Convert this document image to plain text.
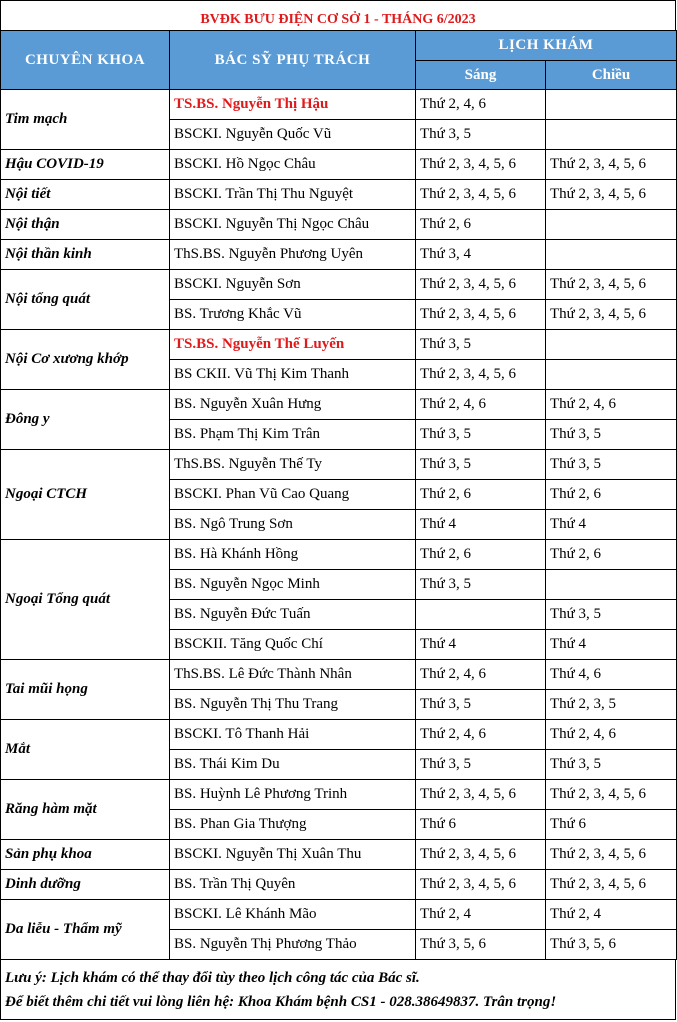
BVĐK BƯU ĐIỆN CƠ SỞ 1 - THÁNG 6/2023
CHUYÊN KHOA	BÁC SỸ PHỤ TRÁCH	LỊCH KHÁM	
		Sáng	Chiều
Tim mạch	TS.BS. Nguyễn Thị Hậu	Thứ 2, 4, 6	
	BSCKI. Nguyễn Quốc Vũ	Thứ 3, 5	
Hậu COVID-19	BSCKI. Hồ Ngọc Châu	Thứ 2, 3, 4, 5, 6	Thứ 2, 3, 4, 5, 6
Nội tiết	BSCKI. Trần Thị Thu Nguyệt	Thứ 2, 3, 4, 5, 6	Thứ 2, 3, 4, 5, 6
Nội thận	BSCKI. Nguyễn Thị Ngọc Châu	Thứ 2, 6	
Nội thần kinh	ThS.BS. Nguyễn Phương Uyên	Thứ 3, 4	
Nội tổng quát	BSCKI. Nguyễn Sơn	Thứ 2, 3, 4, 5, 6	Thứ 2, 3, 4, 5, 6
	BS. Trương Khắc Vũ	Thứ 2, 3, 4, 5, 6	Thứ 2, 3, 4, 5, 6
Nội Cơ xương khớp	TS.BS. Nguyễn Thế Luyến	Thứ 3, 5	
	BS CKII. Vũ Thị Kim Thanh	Thứ 2, 3, 4, 5, 6	
Đông y	BS. Nguyễn Xuân Hưng	Thứ 2, 4, 6	Thứ 2, 4, 6
	BS. Phạm Thị Kim Trân	Thứ 3, 5	Thứ 3, 5
Ngoại CTCH	ThS.BS. Nguyễn Thế Ty	Thứ 3, 5	Thứ 3, 5
	BSCKI. Phan Vũ Cao Quang	Thứ 2, 6	Thứ 2, 6
	BS. Ngô Trung Sơn	Thứ 4	Thứ 4
Ngoại Tổng quát	BS. Hà Khánh Hồng	Thứ 2, 6	Thứ 2, 6
	BS. Nguyễn Ngọc Minh	Thứ 3, 5	
	BS. Nguyễn Đức Tuấn		Thứ 3, 5
	BSCKII. Tăng Quốc Chí	Thứ 4	Thứ 4
Tai mũi họng	ThS.BS. Lê Đức Thành Nhân	Thứ 2, 4, 6	Thứ 4, 6
	BS. Nguyễn Thị Thu Trang	Thứ 3, 5	Thứ 2, 3, 5
Mắt	BSCKI. Tô Thanh Hải	Thứ 2, 4, 6	Thứ 2, 4, 6
	BS. Thái Kim Du	Thứ 3, 5	Thứ 3, 5
Răng hàm mặt	BS. Huỳnh Lê Phương Trinh	Thứ 2, 3, 4, 5, 6	Thứ 2, 3, 4, 5, 6
	BS. Phan Gia Thượng	Thứ 6	Thứ 6
Sản phụ khoa	BSCKI. Nguyễn Thị Xuân Thu	Thứ 2, 3, 4, 5, 6	Thứ 2, 3, 4, 5, 6
Dinh dưỡng	BS. Trần Thị Quyên	Thứ 2, 3, 4, 5, 6	Thứ 2, 3, 4, 5, 6
Da liễu - Thẩm mỹ	BSCKI. Lê Khánh Mão	Thứ 2, 4	Thứ 2, 4
	BS. Nguyễn Thị Phương Thảo	Thứ 3, 5, 6	Thứ 3, 5, 6
Lưu ý: Lịch khám có thể thay đổi tùy theo lịch công tác của Bác sĩ.
Để biết thêm chi tiết vui lòng liên hệ: Khoa Khám bệnh CS1 - 028.38649837. Trân trọng!
